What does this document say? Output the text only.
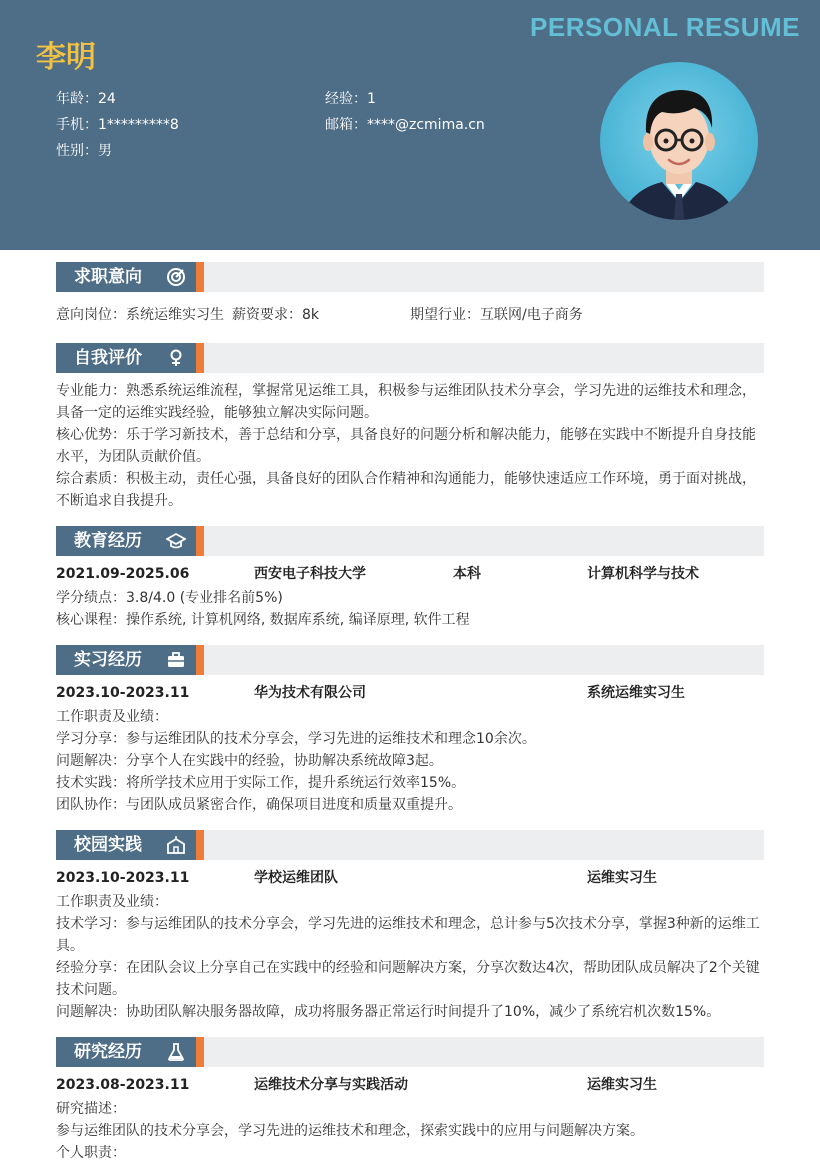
PERSONAL RESUME
李明
年龄：24
手机：1*********8
性别：男
经验：1
邮箱：****@zcmima.cn
求职意向
意向岗位：系统运维实习生 薪资要求：8k	期望行业：互联网/电子商务
自我评价
专业能力：熟悉系统运维流程，掌握常见运维工具，积极参与运维团队技术分享会，学习先进的运维技术和理念，
具备一定的运维实践经验，能够独立解决实际问题。
核心优势：乐于学习新技术，善于总结和分享，具备良好的问题分析和解决能力，能够在实践中不断提升自身技能
水平，为团队贡献价值。
综合素质：积极主动，责任心强，具备良好的团队合作精神和沟通能力，能够快速适应工作环境，勇于面对挑战，
不断追求自我提升。
教育经历
2021.09-2025.06	西安电子科技大学	本科	计算机科学与技术
学分绩点：3.8/4.0 (专业排名前5%)
核心课程：操作系统, 计算机网络, 数据库系统, 编译原理, 软件工程
实习经历
2023.10-2023.11	华为技术有限公司	系统运维实习生
工作职责及业绩：
学习分享：参与运维团队的技术分享会，学习先进的运维技术和理念10余次。
问题解决：分享个人在实践中的经验，协助解决系统故障3起。
技术实践：将所学技术应用于实际工作，提升系统运行效率15%。
团队协作：与团队成员紧密合作，确保项目进度和质量双重提升。
校园实践
2023.10-2023.11	学校运维团队	运维实习生
工作职责及业绩：
技术学习：参与运维团队的技术分享会，学习先进的运维技术和理念，总计参与5次技术分享，掌握3种新的运维工
具。
经验分享：在团队会议上分享自己在实践中的经验和问题解决方案，分享次数达4次，帮助团队成员解决了2个关键
技术问题。
问题解决：协助团队解决服务器故障，成功将服务器正常运行时间提升了10%，减少了系统宕机次数15%。
研究经历
2023.08-2023.11	运维技术分享与实践活动	运维实习生
研究描述：
参与运维团队的技术分享会，学习先进的运维技术和理念，探索实践中的应用与问题解决方案。
个人职责：
